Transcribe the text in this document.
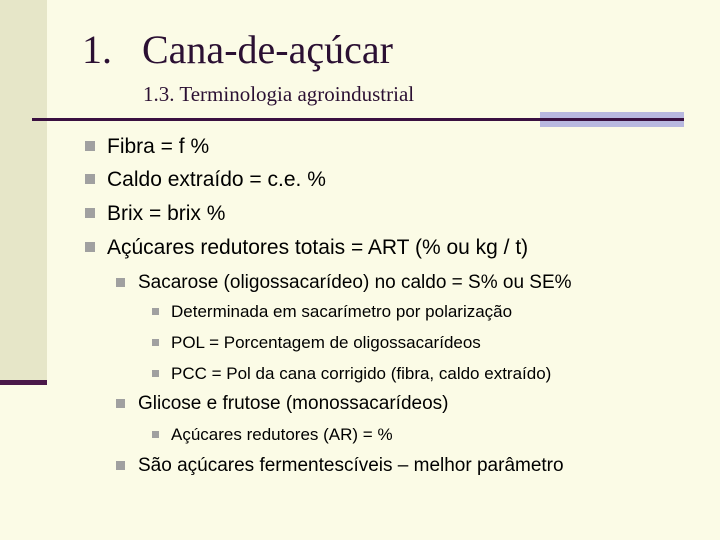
1. Cana-de-açúcar
1.3. Terminologia agroindustrial
Fibra = f %
Caldo extraído = c.e. %
Brix = brix %
Açúcares redutores totais = ART (% ou kg / t)
Sacarose (oligossacarídeo) no caldo = S% ou SE%
Determinada em sacarímetro por polarização
POL = Porcentagem de oligossacarídeos
PCC = Pol da cana corrigido (fibra, caldo extraído)
Glicose e frutose (monossacarídeos)
Açúcares redutores (AR) = %
São açúcares fermentescíveis – melhor parâmetro
